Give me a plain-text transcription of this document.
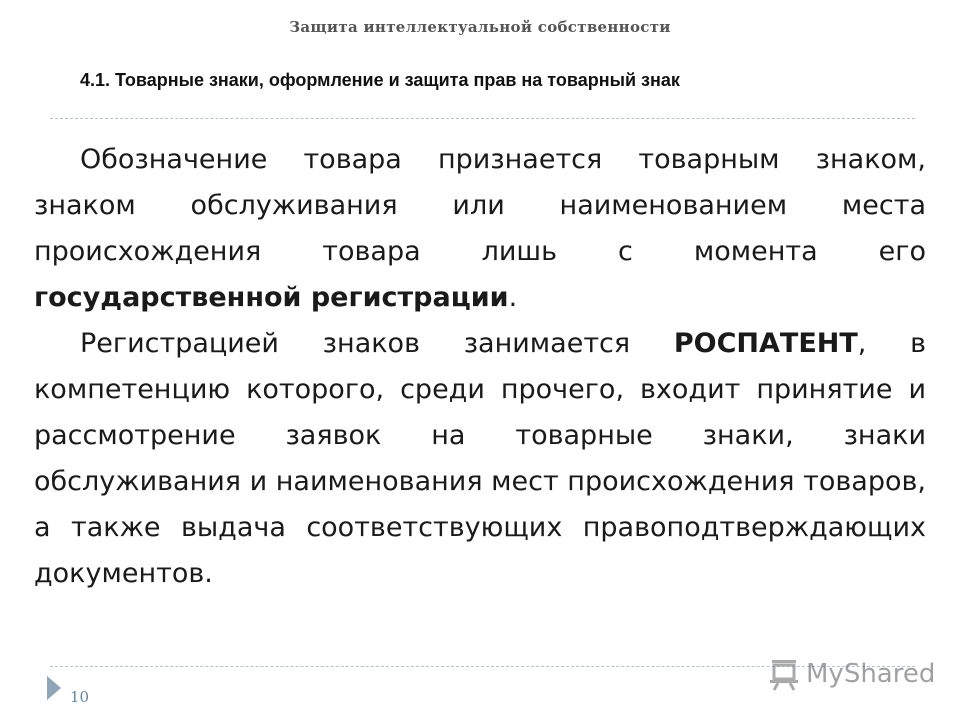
Защита интеллектуальной собственности
4.1. Товарные знаки, оформление и защита прав на товарный знак

Обозначение товара признается товарным знаком, знаком обслуживания или наименованием места происхождения товара лишь с момента его государственной регистрации.

Регистрацией знаков занимается РОСПАТЕНТ, в компетенцию которого, среди прочего, входит принятие и рассмотрение заявок на товарные знаки, знаки обслуживания и наименования мест происхождения товаров, а также выдача соответствующих правоподтверждающих документов.

10
MyShared
